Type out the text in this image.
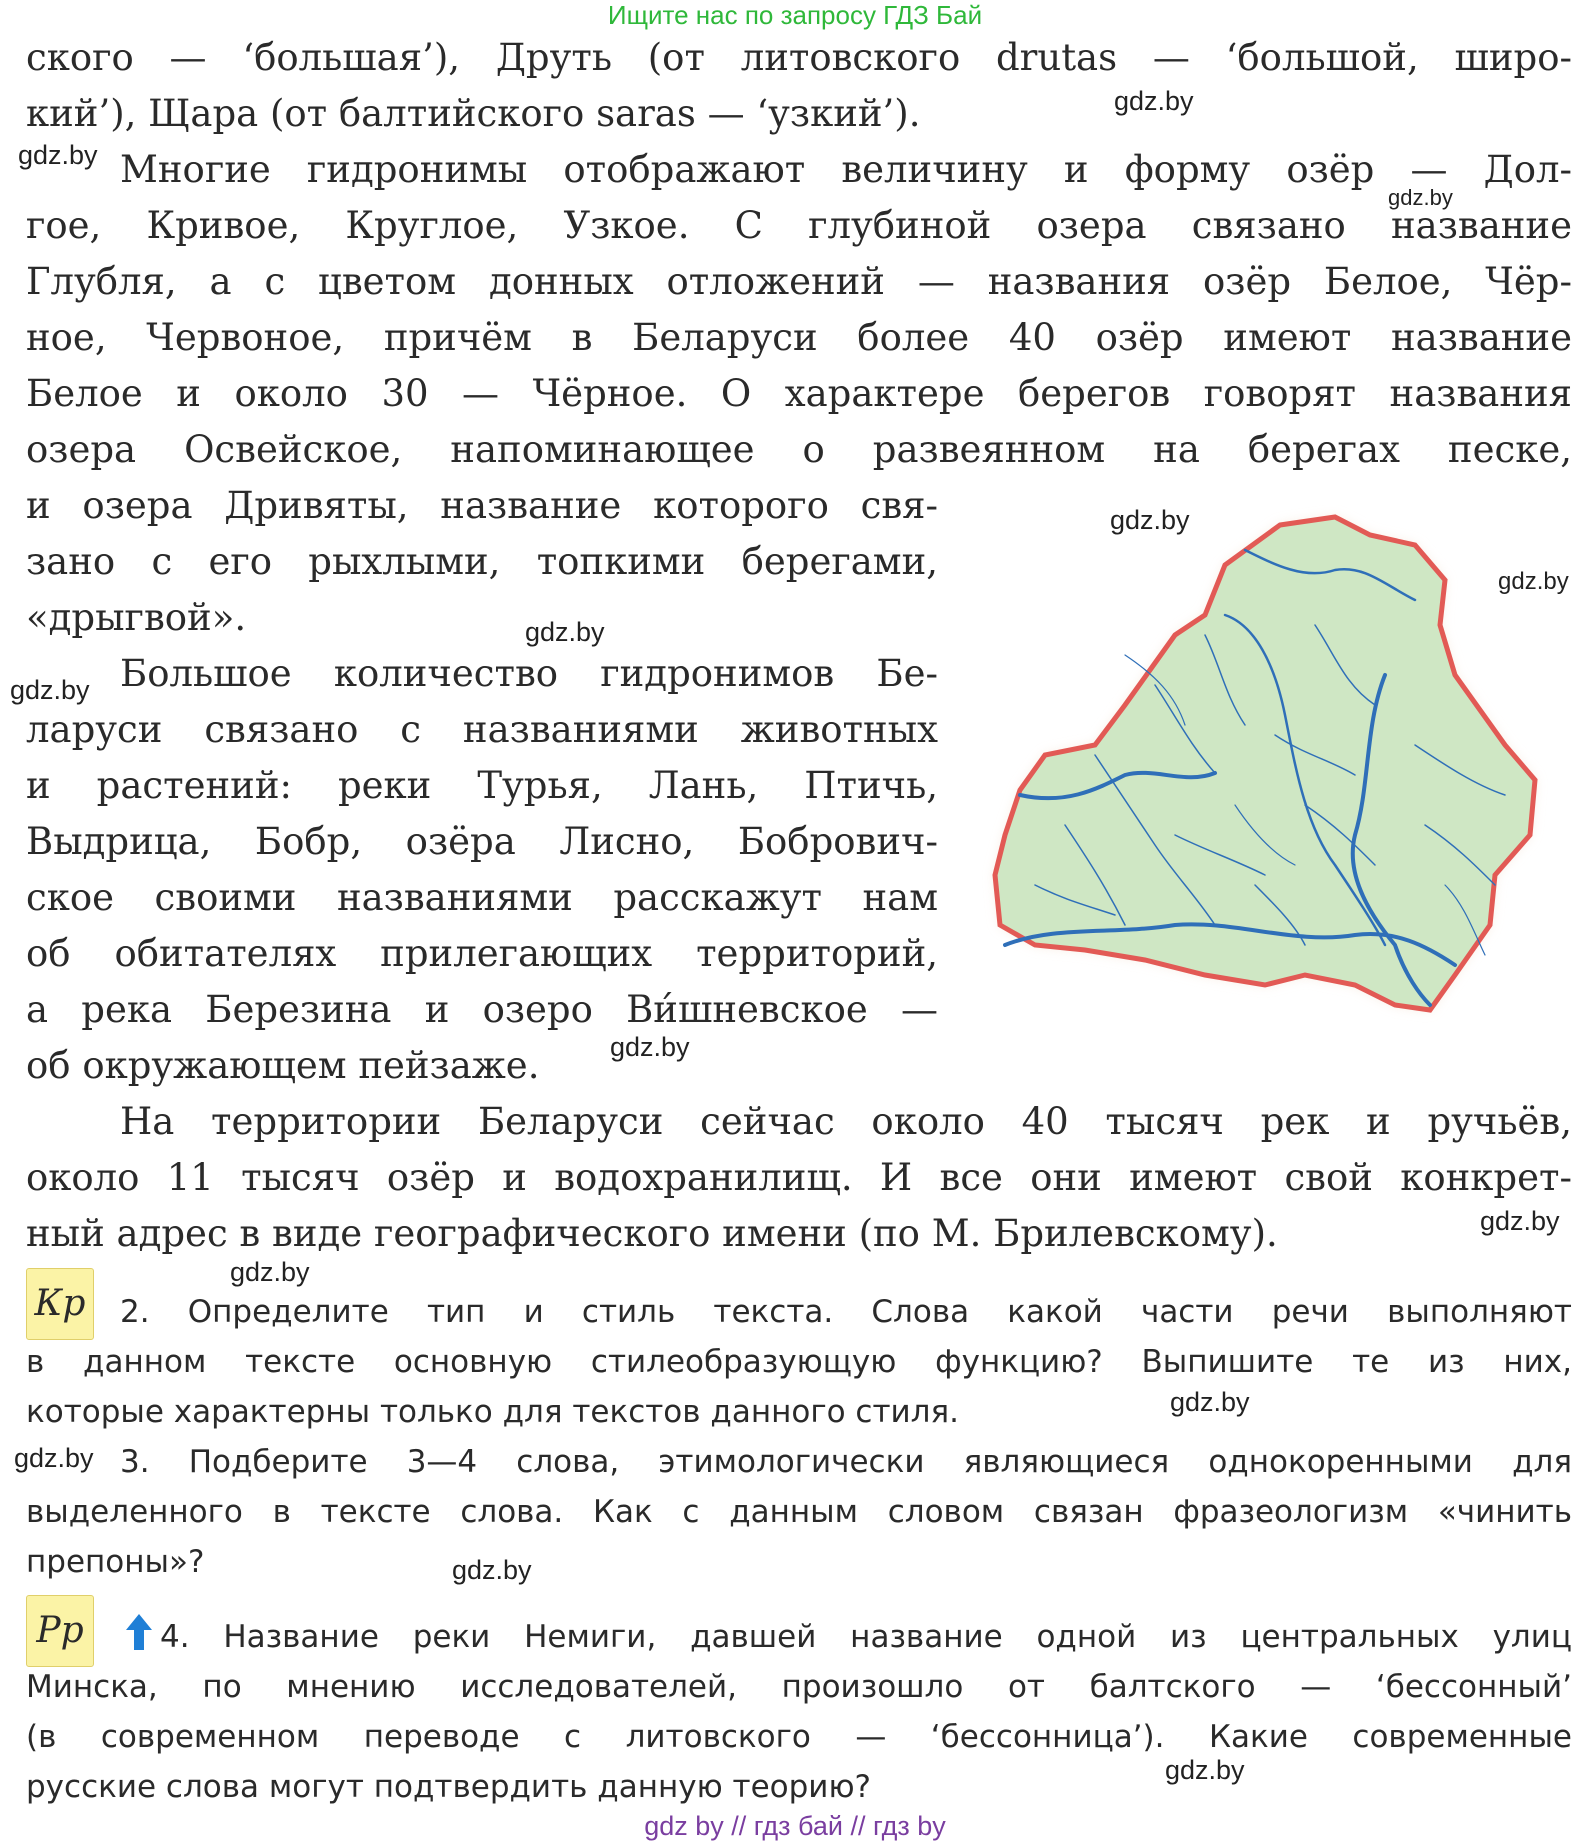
Ищите нас по запросу ГДЗ Бай
ского — ‘большая’), Друть (от литовского drutas — ‘большой, широ-
кий’), Щара (от балтийского saras — ‘узкий’).
Многие гидронимы отображают величину и форму озёр — Дол-
гое, Кривое, Круглое, Узкое. С глубиной озера связано название
Глубля, а с цветом донных отложений — названия озёр Белое, Чёр-
ное, Червоное, причём в Беларуси более 40 озёр имеют название
Белое и около 30 — Чёрное. О характере берегов говорят названия
озера Освейское, напоминающее о развеянном на берегах песке,
и озера Дривяты, название которого свя-
зано с его рыхлыми, топкими берегами,
«дрыгвой».
Большое количество гидронимов Бе-
ларуси связано с названиями животных
и растений: реки Турья, Лань, Птичь,
Выдрица, Бобр, озёра Лисно, Бобрович-
ское своими названиями расскажут нам
об обитателях прилегающих территорий,
а река Березина и озеро Ви́шневское —
об окружающем пейзаже.
На территории Беларуси сейчас около 40 тысяч рек и ручьёв,
около 11 тысяч озёр и водохранилищ. И все они имеют свой конкрет-
ный адрес в виде географического имени (по М. Брилевскому).
Кр	2. Определите тип и стиль текста. Слова какой части речи выполняют
в данном тексте основную стилеобразующую функцию? Выпишите те из них,
которые характерны только для текстов данного стиля.
3. Подберите 3—4 слова, этимологически являющиеся однокоренными для
выделенного в тексте слова. Как с данным словом связан фразеологизм «чинить
препоны»?
Рр	4. Название реки Немиги, давшей название одной из центральных улиц
Минска, по мнению исследователей, произошло от балтского — ‘бессонный’
(в современном переводе с литовского — ‘бессонница’). Какие современные
русские слова могут подтвердить данную теорию?
gdz.by
gdz.by
gdz.by
gdz.by
gdz.by
gdz.by
gdz.by
gdz.by
gdz.by
gdz.by
gdz.by
gdz.by
gdz.by
gdz.by
gdz by // гдз бай // гдз by
